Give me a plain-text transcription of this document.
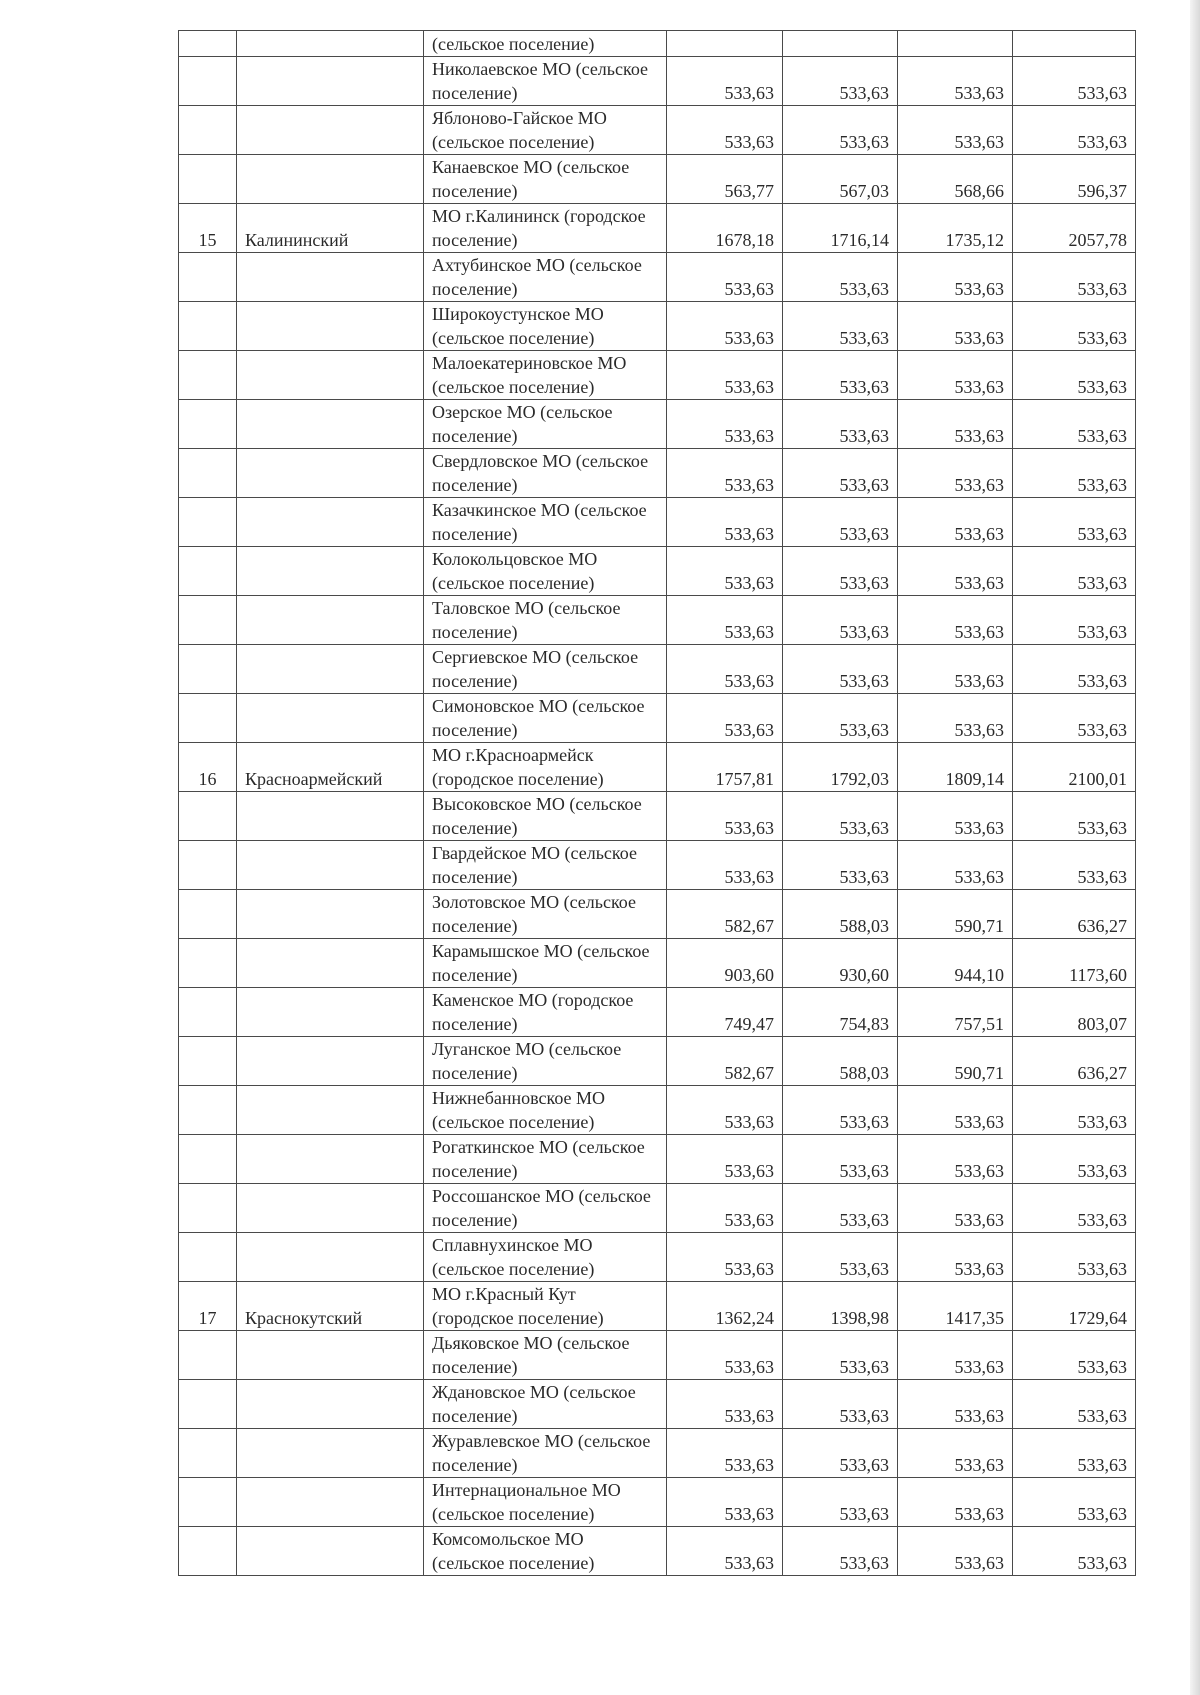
		(сельское поселение)				
		Николаевское МО (сельское поселение)	533,63	533,63	533,63	533,63
		Яблоново-Гайское МО (сельское поселение)	533,63	533,63	533,63	533,63
		Канаевское МО (сельское поселение)	563,77	567,03	568,66	596,37
15	Калининский	МО г.Калининск (городское поселение)	1678,18	1716,14	1735,12	2057,78
		Ахтубинское МО (сельское поселение)	533,63	533,63	533,63	533,63
		Широкоустунское МО (сельское поселение)	533,63	533,63	533,63	533,63
		Малоекатериновское МО (сельское поселение)	533,63	533,63	533,63	533,63
		Озерское МО (сельское поселение)	533,63	533,63	533,63	533,63
		Свердловское МО (сельское поселение)	533,63	533,63	533,63	533,63
		Казачкинское МО (сельское поселение)	533,63	533,63	533,63	533,63
		Колокольцовское МО (сельское поселение)	533,63	533,63	533,63	533,63
		Таловское МО (сельское поселение)	533,63	533,63	533,63	533,63
		Сергиевское МО (сельское поселение)	533,63	533,63	533,63	533,63
		Симоновское МО (сельское поселение)	533,63	533,63	533,63	533,63
16	Красноармейский	МО г.Красноармейск (городское поселение)	1757,81	1792,03	1809,14	2100,01
		Высоковское МО (сельское поселение)	533,63	533,63	533,63	533,63
		Гвардейское МО (сельское поселение)	533,63	533,63	533,63	533,63
		Золотовское МО (сельское поселение)	582,67	588,03	590,71	636,27
		Карамышское МО (сельское поселение)	903,60	930,60	944,10	1173,60
		Каменское МО (городское поселение)	749,47	754,83	757,51	803,07
		Луганское МО (сельское поселение)	582,67	588,03	590,71	636,27
		Нижнебанновское МО (сельское поселение)	533,63	533,63	533,63	533,63
		Рогаткинское МО (сельское поселение)	533,63	533,63	533,63	533,63
		Россошанское МО (сельское поселение)	533,63	533,63	533,63	533,63
		Сплавнухинское МО (сельское поселение)	533,63	533,63	533,63	533,63
17	Краснокутский	МО г.Красный Кут (городское поселение)	1362,24	1398,98	1417,35	1729,64
		Дьяковское МО (сельское поселение)	533,63	533,63	533,63	533,63
		Ждановское МО (сельское поселение)	533,63	533,63	533,63	533,63
		Журавлевское МО (сельское поселение)	533,63	533,63	533,63	533,63
		Интернациональное МО (сельское поселение)	533,63	533,63	533,63	533,63
		Комсомольское МО (сельское поселение)	533,63	533,63	533,63	533,63
